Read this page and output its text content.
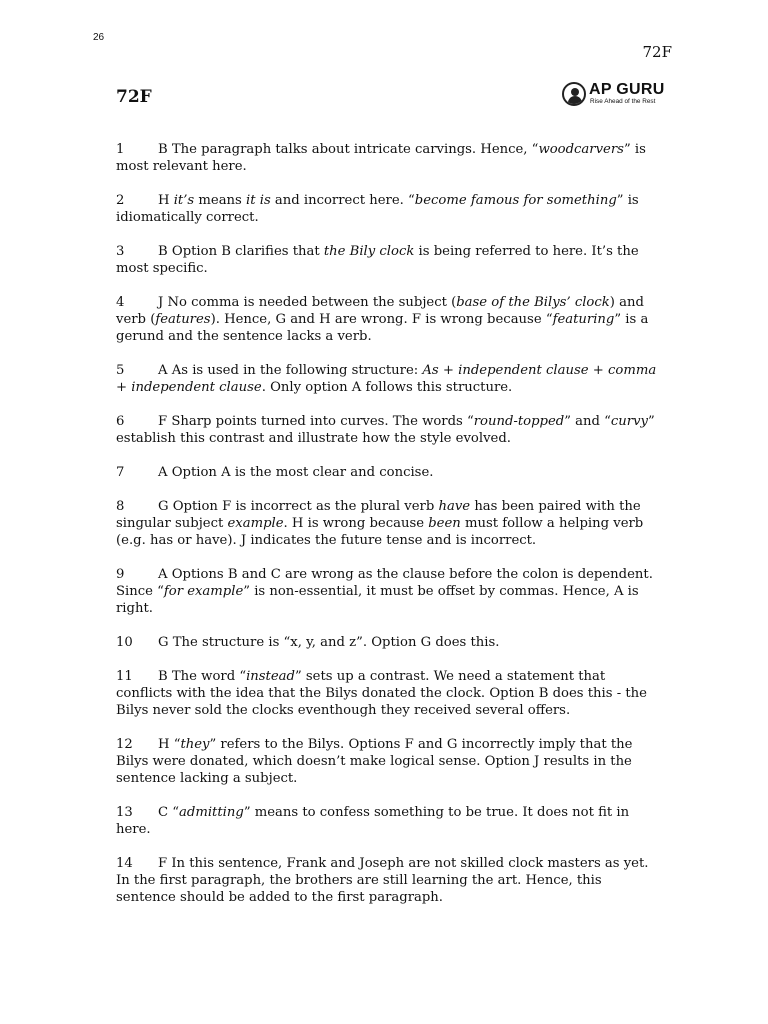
26
72F
72F	AP GURU
Rise Ahead of the Rest
1	B The paragraph talks about intricate carvings. Hence, “woodcarvers” is most relevant here.
2	H it’s means it is and incorrect here. “become famous for something” is idiomatically correct.
3	B Option B clarifies that the Bily clock is being referred to here. It’s the most specific.
4	J No comma is needed between the subject (base of the Bilys’ clock) and verb (features). Hence, G and H are wrong. F is wrong because “featuring” is a gerund and the sentence lacks a verb.
5	A As is used in the following structure: As + independent clause + comma + independent clause. Only option A follows this structure.
6	F Sharp points turned into curves. The words “round-topped” and “curvy” establish this contrast and illustrate how the style evolved.
7	A Option A is the most clear and concise.
8	G Option F is incorrect as the plural verb have has been paired with the singular subject example. H is wrong because been must follow a helping verb (e.g. has or have). J indicates the future tense and is incorrect.
9	A Options B and C are wrong as the clause before the colon is dependent. Since “for example” is non-essential, it must be offset by commas. Hence, A is right.
10 G The structure is “x, y, and z”. Option G does this.
11 B The word “instead” sets up a contrast. We need a statement that conflicts with the idea that the Bilys donated the clock. Option B does this - the Bilys never sold the clocks eventhough they received several offers.
12 H “they” refers to the Bilys. Options F and G incorrectly imply that the Bilys were donated, which doesn’t make logical sense. Option J results in the sentence lacking a subject.
13 C “admitting” means to confess something to be true. It does not fit in here.
14 F In this sentence, Frank and Joseph are not skilled clock masters as yet. In the first paragraph, the brothers are still learning the art. Hence, this sentence should be added to the first paragraph.
